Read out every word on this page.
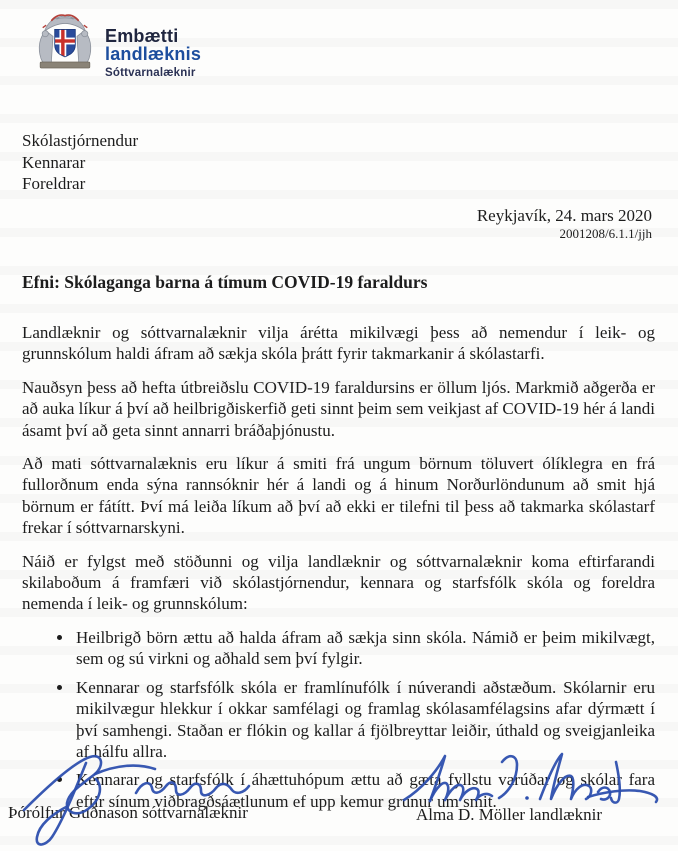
Embætti
landlæknis
Sóttvarnalæknir
Skólastjórnendur
Kennarar
Foreldrar
Reykjavík, 24. mars 2020
2001208/6.1.1/jjh
Efni: Skólaganga barna á tímum COVID-19 faraldurs

Landlæknir og sóttvarnalæknir vilja árétta mikilvægi þess að nemendur í leik- og grunnskólum haldi áfram að sækja skóla þrátt fyrir takmarkanir á skólastarfi.

Nauðsyn þess að hefta útbreiðslu COVID-19 faraldursins er öllum ljós. Markmið aðgerða er að auka líkur á því að heilbrigðiskerfið geti sinnt þeim sem veikjast af COVID-19 hér á landi ásamt því að geta sinnt annarri bráðaþjónustu.

Að mati sóttvarnalæknis eru líkur á smiti frá ungum börnum töluvert ólíklegra en frá fullorðnum enda sýna rannsóknir hér á landi og á hinum Norðurlöndunum að smit hjá börnum er fátítt. Því má leiða líkum að því að ekki er tilefni til þess að takmarka skólastarf frekar í sóttvarnarskyni.

Náið er fylgst með stöðunni og vilja landlæknir og sóttvarnalæknir koma eftirfarandi skilaboðum á framfæri við skólastjórnendur, kennara og starfsfólk skóla og foreldra nemenda í leik- og grunnskólum:

• Heilbrigð börn ættu að halda áfram að sækja sinn skóla. Námið er þeim mikilvægt, sem og sú virkni og aðhald sem því fylgir.
• Kennarar og starfsfólk skóla er framlínufólk í núverandi aðstæðum. Skólarnir eru mikilvægur hlekkur í okkar samfélagi og framlag skólasamfélagsins afar dýrmætt í því samhengi. Staðan er flókin og kallar á fjölbreyttar leiðir, úthald og sveigjanleika af hálfu allra.
• Kennarar og starfsfólk í áhættuhópum ættu að gæta fyllstu varúðar og skólar fara eftir sínum viðbragðsáætlunum ef upp kemur grunur um smit.
Þórólfur Guðnason sóttvarnalæknir	Alma D. Möller landlæknir
